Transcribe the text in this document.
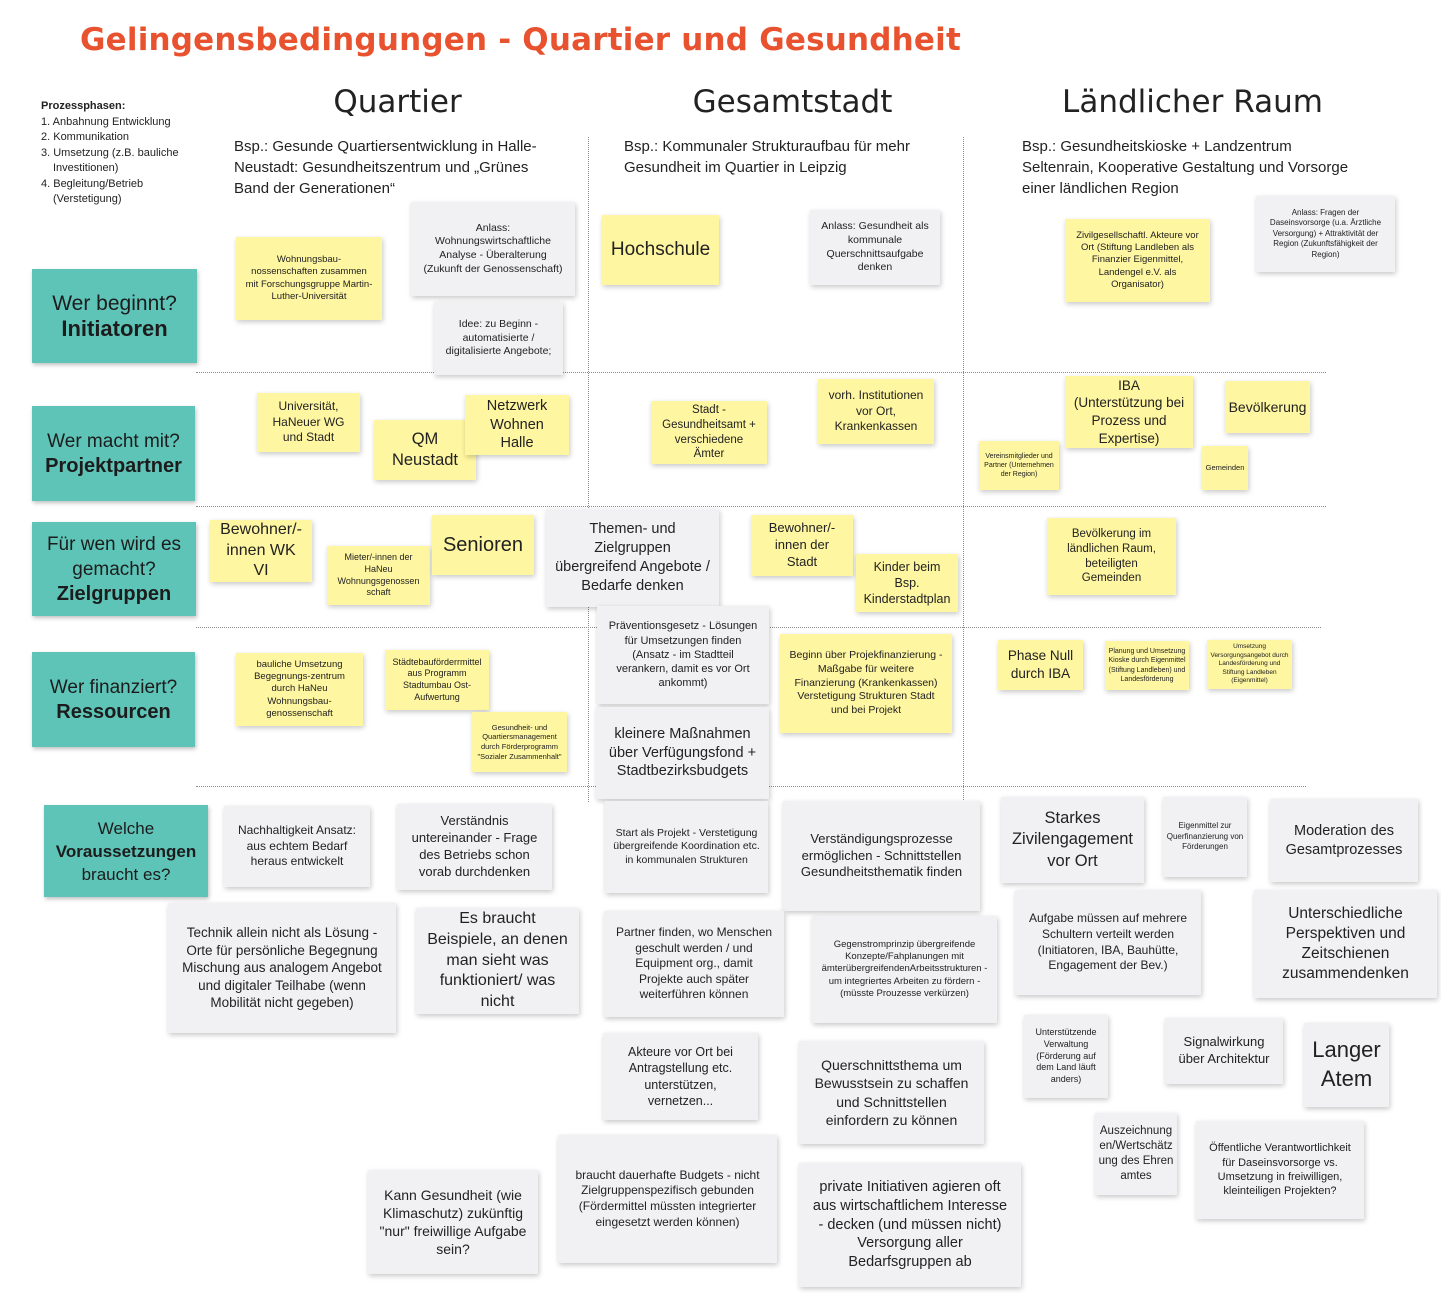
Gelingensbedingungen - Quartier und Gesundheit
Prozessphasen:
1. Anbahnung Entwicklung
2. Kommunikation
3. Umsetzung (z.B. bauliche Investitionen)
4. Begleitung/Betrieb (Verstetigung)
Quartier	Gesamtstadt	Ländlicher Raum
Bsp.: Gesunde Quartiersentwicklung in Halle-Neustadt: Gesundheitszentrum und „Grünes Band der Generationen“
Bsp.: Kommunaler Strukturaufbau für mehr Gesundheit im Quartier in Leipzig
Bsp.: Gesundheitskioske + Landzentrum Seltenrain, Kooperative Gestaltung und Vorsorge einer ländlichen Region
Wer beginnt?
Initiatoren
Wer macht mit?
Projektpartner
Für wen wird es gemacht?
Zielgruppen
Wer finanziert?
Ressourcen
Welche
Voraussetzungen
braucht es?
Wohnungsbau-nossenschaften zusammen mit Forschungsgruppe Martin-Luther-Universität
Anlass: Wohnungswirtschaftliche Analyse - Überalterung (Zukunft der Genossenschaft)
Idee: zu Beginn - automatisierte / digitalisierte Angebote;
Hochschule
Anlass: Gesundheit als kommunale Querschnittsaufgabe denken
Zivilgesellschaftl. Akteure vor Ort (Stiftung Landleben als Finanzier Eigenmittel, Landengel e.V. als Organisator)
Anlass: Fragen der Daseinsvorsorge (u.a. Ärztliche Versorgung) + Attraktivität der Region (Zukunftsfähigkeit der Region)
Universität, HaNeuer WG und Stadt	QM Neustadt
Netzwerk Wohnen Halle
Stadt - Gesundheitsamt + verschiedene Ämter
vorh. Institutionen vor Ort, Krankenkassen
IBA (Unterstützung bei Prozess und Expertise)
Bevölkerung
Vereinsmitglieder und Partner (Unternehmen der Region)
Gemeinden
Bewohner/-innen WK VI
Mieter/-innen der HaNeu Wohnungsgenossen schaft
Senioren
Themen- und Zielgruppen übergreifend Angebote / Bedarfe denken
Bewohner/-innen der Stadt	Kinder beim Bsp. Kinderstadtplan
Bevölkerung im ländlichen Raum, beteiligten Gemeinden
bauliche Umsetzung Begegnungs-zentrum durch HaNeu Wohnungsbau-genossenschaft
Städtebauförderrmittel aus Programm Stadtumbau Ost-Aufwertung
Gesundheit- und Quartiersmanagement durch Förderprogramm "Sozialer Zusammenhalt"
Präventionsgesetz - Lösungen für Umsetzungen finden (Ansatz - im Stadtteil verankern, damit es vor Ort ankommt)
kleinere Maßnahmen über Verfügungsfond + Stadtbezirksbudgets
Beginn über Projekfinanzierung - Maßgabe für weitere Finanzierung (Krankenkassen) Verstetigung Strukturen Stadt und bei Projekt
Phase Null durch IBA
Planung und Umsetzung Kioske durch Eigenmittel (Stiftung Landleben) und Landesförderung
Umsetzung Versorgungsangebot durch Landesförderung und Stiftung Landleben (Eigenmittel)
Nachhaltigkeit Ansatz: aus echtem Bedarf heraus entwickelt
Verständnis untereinander - Frage des Betriebs schon vorab durchdenken
Start als Projekt - Verstetigung übergreifende Koordination etc. in kommunalen Strukturen
Verständigungsprozesse ermöglichen - Schnittstellen Gesundheitsthematik finden
Starkes Zivilengagement vor Ort
Eigenmittel zur Querfinanzierung von Förderungen
Moderation des Gesamtprozesses
Technik allein nicht als Lösung - Orte für persönliche Begegnung Mischung aus analogem Angebot und digitaler Teilhabe (wenn Mobilität nicht gegeben)
Es braucht Beispiele, an denen man sieht was funktioniert/ was nicht
Partner finden, wo Menschen geschult werden / und Equipment org., damit Projekte auch später weiterführen können
Gegenstromprinzip übergreifende Konzepte/Fahplanungen mit ämterübergreifendenArbeitsstrukturen - um integriertes Arbeiten zu fördern -(müsste Prouzesse verkürzen)
Aufgabe müssen auf mehrere Schultern verteilt werden (Initiatoren, IBA, Bauhütte, Engagement der Bev.)
Unterschiedliche Perspektiven und Zeitschienen zusammendenken
Akteure vor Ort bei Antragstellung etc. unterstützen, vernetzen...
Querschnittsthema um Bewusstsein zu schaffen und Schnittstellen einfordern zu können
Unterstützende Verwaltung (Förderung auf dem Land läuft anders)
Signalwirkung über Architektur	Langer Atem
Auszeichnungen/Wertschätzung des Ehrenamtes
Öffentliche Verantwortlichkeit für Daseinsvorsorge vs. Umsetzung in freiwilligen, kleinteiligen Projekten?
Kann Gesundheit (wie Klimaschutz) zukünftig "nur" freiwillige Aufgabe sein?
braucht dauerhafte Budgets - nicht Zielgruppenspezifisch gebunden (Fördermittel müssten integrierter eingesetzt werden können)
private Initiativen agieren oft aus wirtschaftlichem Interesse - decken (und müssen nicht) Versorgung aller Bedarfsgruppen ab
